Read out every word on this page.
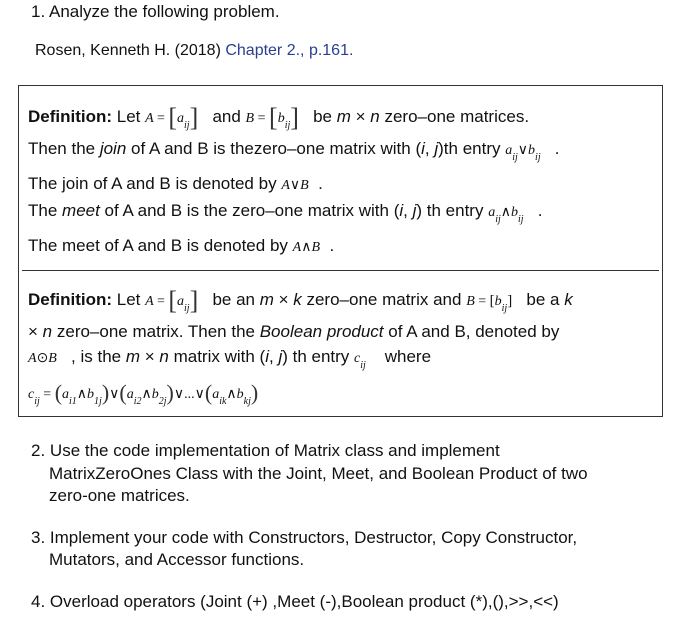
1. Analyze the following problem.
Rosen, Kenneth H. (2018) Chapter 2., p.161.
Definition: Let $A = [a_{ij}]$ and $B = [b_{ij}]$ be m × n zero–one matrices.
Then the join of A and B is thezero–one matrix with (i, j)th entry $a_{ij}\vee b_{ij}$ .
The join of A and B is denoted by A∨B .
The meet of A and B is the zero–one matrix with (i, j) th entry $a_{ij}\wedge b_{ij}$ .
The meet of A and B is denoted by A∧B .
Definition: Let $A = [a_{ij}]$ be an m × k zero–one matrix and $B = [b_{ij}]$ be a k
× n zero–one matrix. Then the Boolean product of A and B, denoted by
A⊙B , is the m × n matrix with (i, j) th entry $c_{ij}$ where
$c_{ij}$ = $(a_{i1}\wedge b_{1j})\vee(a_{i2}\wedge b_{2j})\vee...\vee(a_{ik}\wedge b_{kj})$
2. Use the code implementation of Matrix class and implement
MatrixZeroOnes Class with the Joint, Meet, and Boolean Product of two
zero-one matrices.
3. Implement your code with Constructors, Destructor, Copy Constructor,
Mutators, and Accessor functions.
4. Overload operators (Joint (+) ,Meet (-),Boolean product (*),(),>>,<<)
